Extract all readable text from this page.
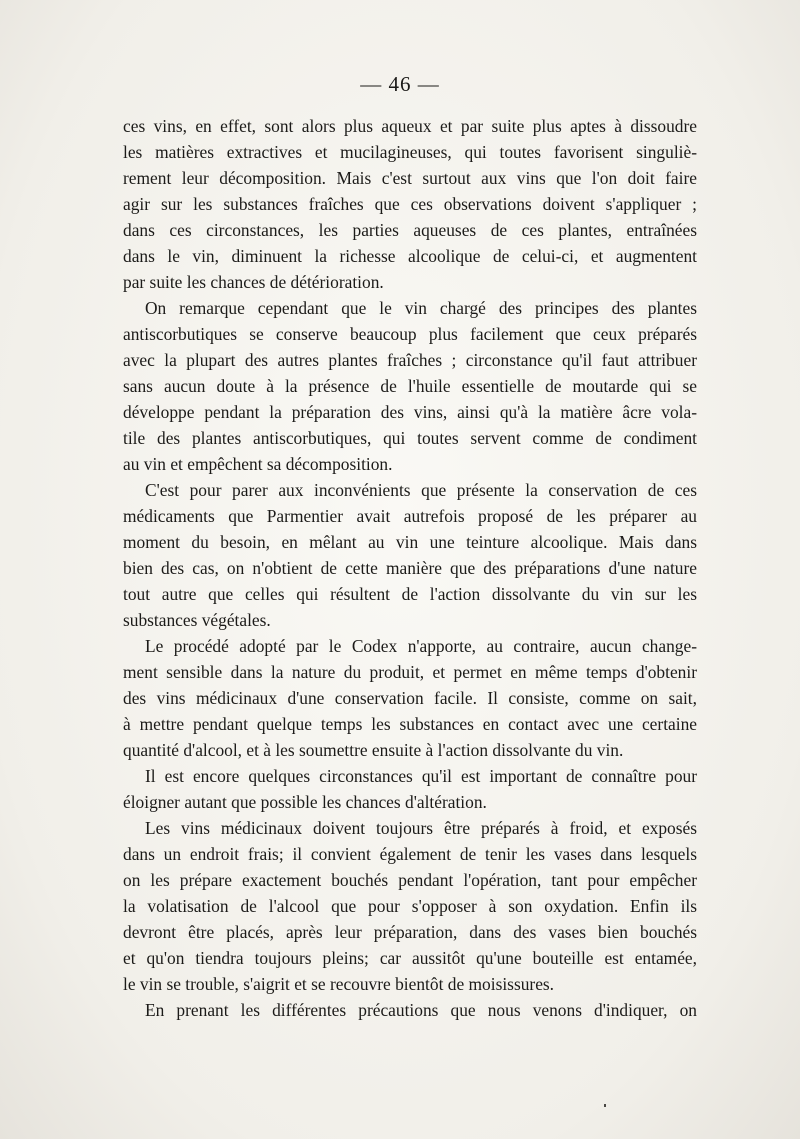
— 46 —
ces vins, en effet, sont alors plus aqueux et par suite plus aptes à dissoudre
les matières extractives et mucilagineuses, qui toutes favorisent singuliè-
rement leur décomposition. Mais c'est surtout aux vins que l'on doit faire
agir sur les substances fraîches que ces observations doivent s'appliquer ;
dans ces circonstances, les parties aqueuses de ces plantes, entraînées
dans le vin, diminuent la richesse alcoolique de celui-ci, et augmentent
par suite les chances de détérioration.
On remarque cependant que le vin chargé des principes des plantes
antiscorbutiques se conserve beaucoup plus facilement que ceux préparés
avec la plupart des autres plantes fraîches ; circonstance qu'il faut attribuer
sans aucun doute à la présence de l'huile essentielle de moutarde qui se
développe pendant la préparation des vins, ainsi qu'à la matière âcre vola-
tile des plantes antiscorbutiques, qui toutes servent comme de condiment
au vin et empêchent sa décomposition.
C'est pour parer aux inconvénients que présente la conservation de ces
médicaments que Parmentier avait autrefois proposé de les préparer au
moment du besoin, en mêlant au vin une teinture alcoolique. Mais dans
bien des cas, on n'obtient de cette manière que des préparations d'une nature
tout autre que celles qui résultent de l'action dissolvante du vin sur les
substances végétales.
Le procédé adopté par le Codex n'apporte, au contraire, aucun change-
ment sensible dans la nature du produit, et permet en même temps d'obtenir
des vins médicinaux d'une conservation facile. Il consiste, comme on sait,
à mettre pendant quelque temps les substances en contact avec une certaine
quantité d'alcool, et à les soumettre ensuite à l'action dissolvante du vin.
Il est encore quelques circonstances qu'il est important de connaître pour
éloigner autant que possible les chances d'altération.
Les vins médicinaux doivent toujours être préparés à froid, et exposés
dans un endroit frais; il convient également de tenir les vases dans lesquels
on les prépare exactement bouchés pendant l'opération, tant pour empêcher
la volatisation de l'alcool que pour s'opposer à son oxydation. Enfin ils
devront être placés, après leur préparation, dans des vases bien bouchés
et qu'on tiendra toujours pleins; car aussitôt qu'une bouteille est entamée,
le vin se trouble, s'aigrit et se recouvre bientôt de moisissures.
En prenant les différentes précautions que nous venons d'indiquer, on
